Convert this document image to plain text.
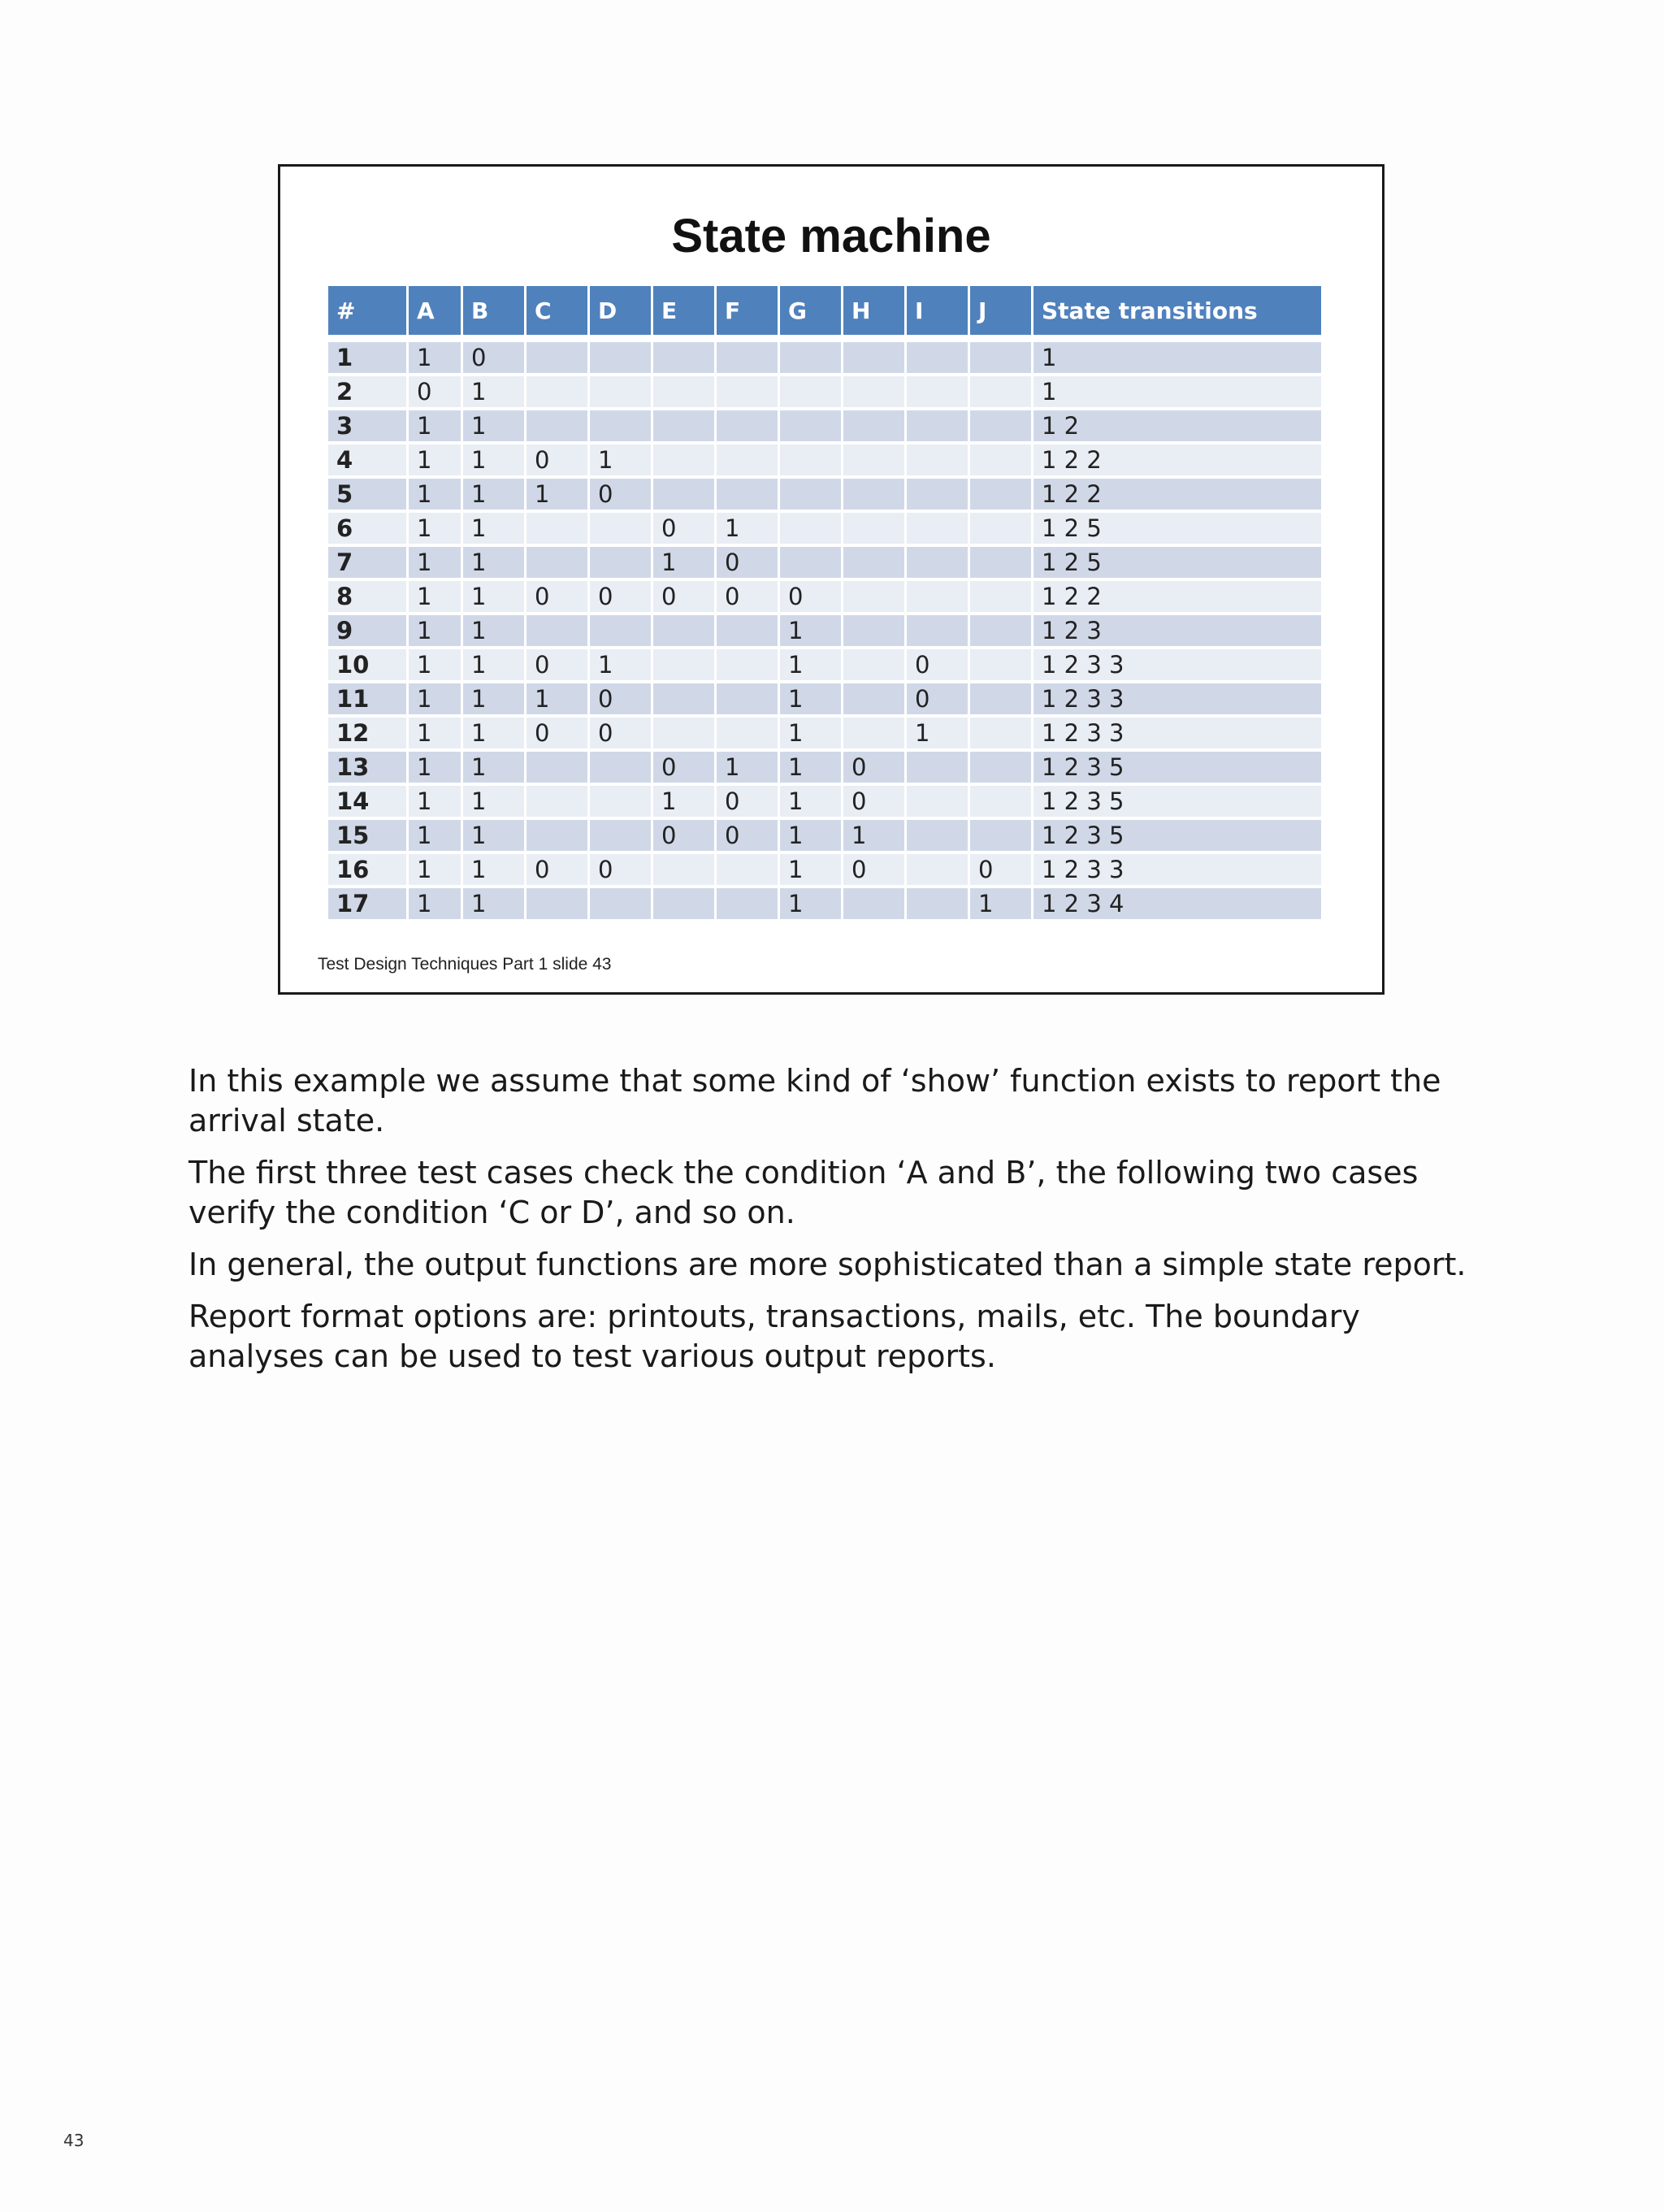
State machine
#	A	B	C	D	E	F	G	H	I	J	State transitions
1	1	0									1
2	0	1									1
3	1	1									1 2
4	1	1	0	1							1 2 2
5	1	1	1	0							1 2 2
6	1	1			0	1					1 2 5
7	1	1			1	0					1 2 5
8	1	1	0	0	0	0	0				1 2 2
9	1	1					1				1 2 3
10	1	1	0	1			1		0		1 2 3 3
11	1	1	1	0			1		0		1 2 3 3
12	1	1	0	0			1		1		1 2 3 3
13	1	1			0	1	1	0			1 2 3 5
14	1	1			1	0	1	0			1 2 3 5
15	1	1			0	0	1	1			1 2 3 5
16	1	1	0	0			1	0		0	1 2 3 3
17	1	1					1			1	1 2 3 4
Test Design Techniques Part 1 slide 43

In this example we assume that some kind of ‘show’ function exists to report the arrival state.

The first three test cases check the condition ‘A and B’, the following two cases verify the condition ‘C or D’, and so on.

In general, the output functions are more sophisticated than a simple state report.

Report format options are: printouts, transactions, mails, etc. The boundary analyses can be used to test various output reports.

43
